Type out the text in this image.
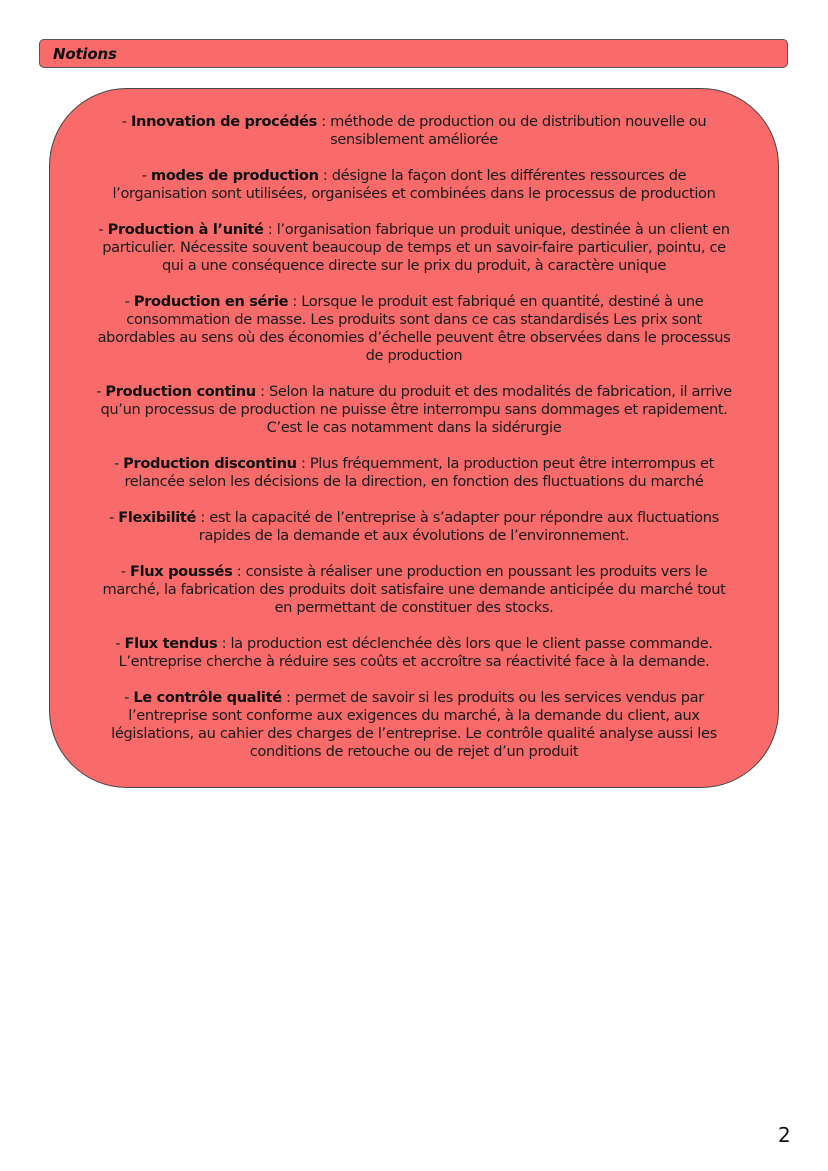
Notions
- Innovation de procédés : méthode de production ou de distribution nouvelle ou sensiblement améliorée
- modes de production : désigne la façon dont les différentes ressources de l’organisation sont utilisées, organisées et combinées dans le processus de production
- Production à l’unité : l’organisation fabrique un produit unique, destinée à un client en particulier. Nécessite souvent beaucoup de temps et un savoir-faire particulier, pointu, ce qui a une conséquence directe sur le prix du produit, à caractère unique
- Production en série : Lorsque le produit est fabriqué en quantité, destiné à une consommation de masse. Les produits sont dans ce cas standardisés Les prix sont abordables au sens où des économies d’échelle peuvent être observées dans le processus de production
- Production continu : Selon la nature du produit et des modalités de fabrication, il arrive qu’un processus de production ne puisse être interrompu sans dommages et rapidement. C’est le cas notamment dans la sidérurgie
- Production discontinu : Plus fréquemment, la production peut être interrompus et relancée selon les décisions de la direction, en fonction des fluctuations du marché
- Flexibilité : est la capacité de l’entreprise à s’adapter pour répondre aux fluctuations rapides de la demande et aux évolutions de l’environnement.
- Flux poussés : consiste à réaliser une production en poussant les produits vers le marché, la fabrication des produits doit satisfaire une demande anticipée du marché tout en permettant de constituer des stocks.
- Flux tendus : la production est déclenchée dès lors que le client passe commande. L’entreprise cherche à réduire ses coûts et accroître sa réactivité face à la demande.
- Le contrôle qualité : permet de savoir si les produits ou les services vendus par l’entreprise sont conforme aux exigences du marché, à la demande du client, aux législations, au cahier des charges de l’entreprise. Le contrôle qualité analyse aussi les conditions de retouche ou de rejet d’un produit
2
